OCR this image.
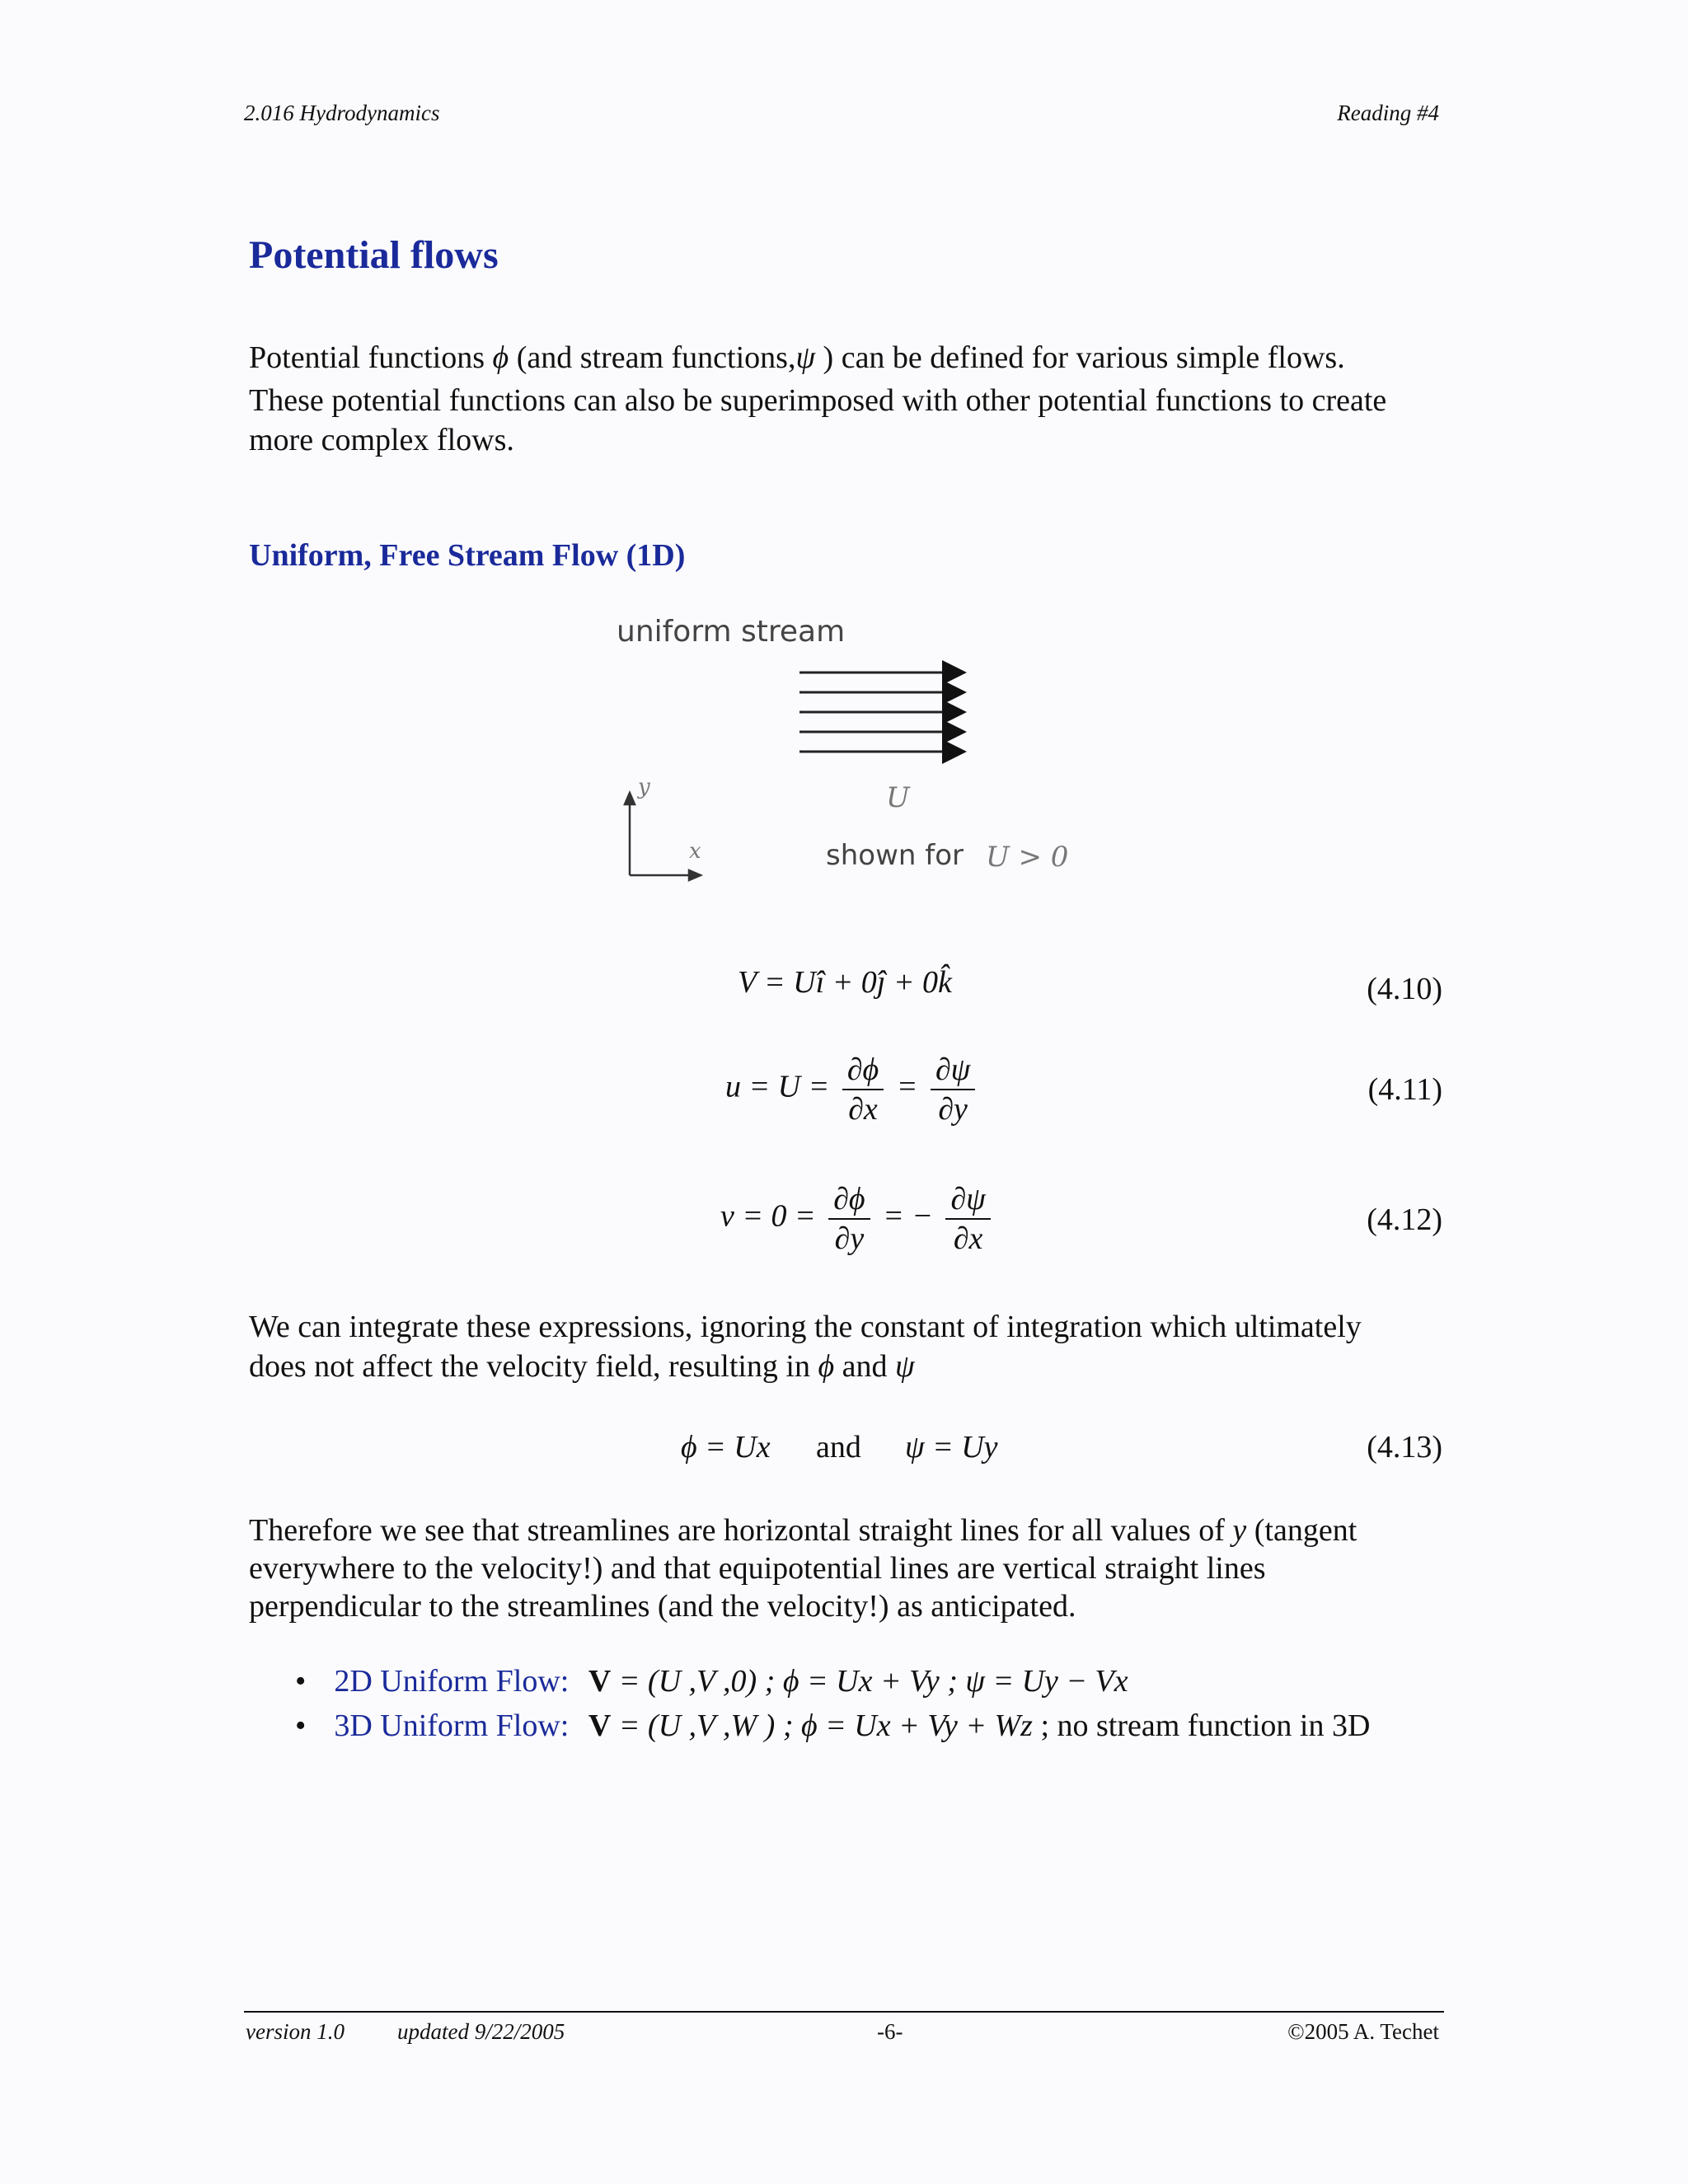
2.016 Hydrodynamics	Reading #4
Potential flows
Potential functions ϕ (and stream functions,ψ ) can be defined for various simple flows.
These potential functions can also be superimposed with other potential functions to create more complex flows.
Uniform, Free Stream Flow (1D)
uniform stream
U
y
x	shown for U > 0
V = Uî + 0ĵ + 0k̂	(4.10)
$u = U = \frac{\partial\phi}{\partial x} = \frac{\partial\psi}{\partial y}$	(4.11)
$v = 0 = \frac{\partial\phi}{\partial y}$ = − $\frac{\partial\psi}{\partial x}$	(4.12)
We can integrate these expressions, ignoring the constant of integration which ultimately
does not affect the velocity field, resulting in ϕ and ψ
ϕ = Ux and ψ = Uy	(4.13)
Therefore we see that streamlines are horizontal straight lines for all values of y (tangent
everywhere to the velocity!) and that equipotential lines are vertical straight lines
perpendicular to the streamlines (and the velocity!) as anticipated.
• 2D Uniform Flow: V = (U ,V ,0) ; ϕ = Ux + Vy ; ψ = Uy − Vx
• 3D Uniform Flow: V = (U ,V ,W ) ; ϕ = Ux + Vy + Wz ; no stream function in 3D
version 1.0 updated 9/22/2005	-6-	©2005 A. Techet
